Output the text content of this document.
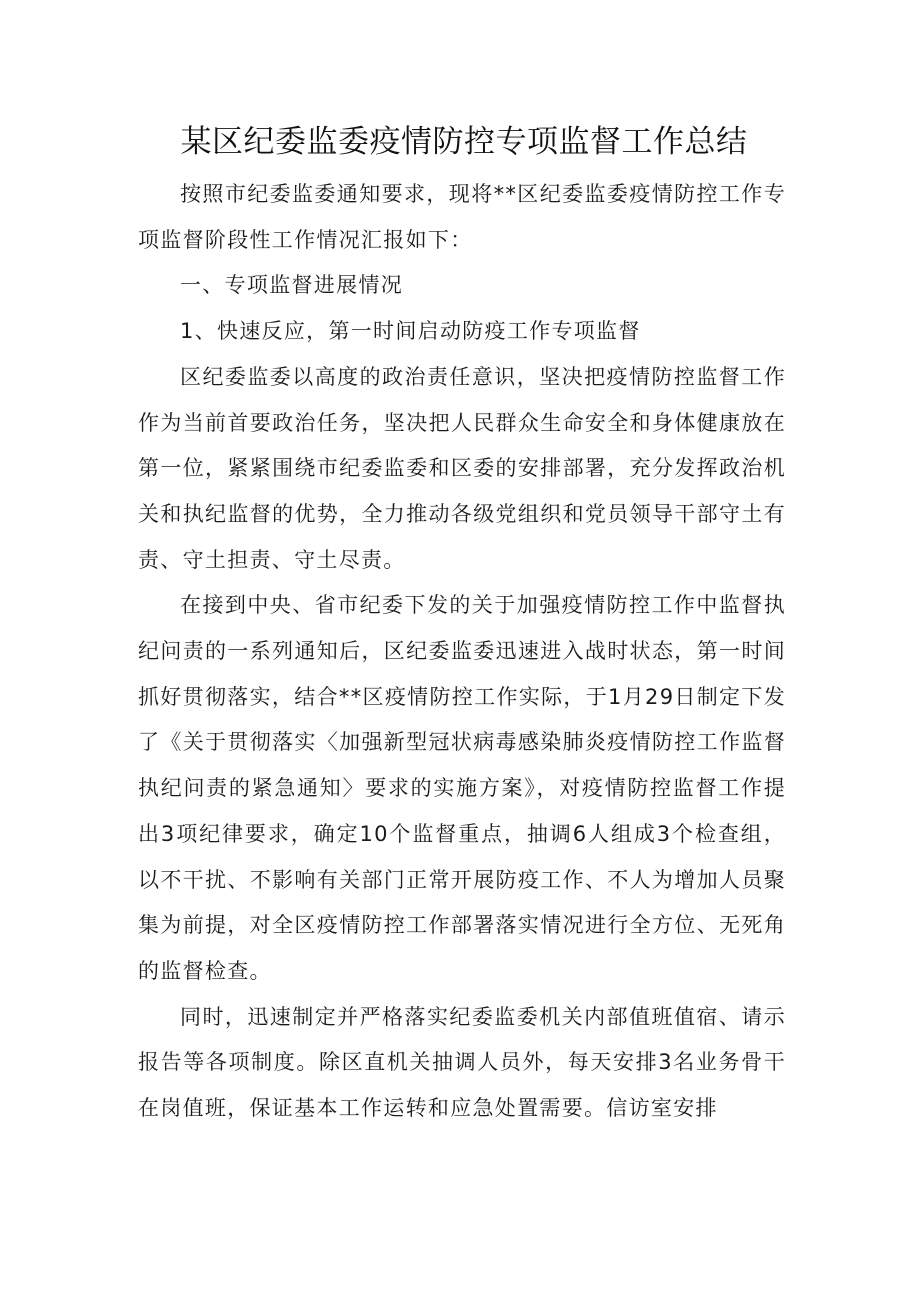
某区纪委监委疫情防控专项监督工作总结

按照市纪委监委通知要求，现将**区纪委监委疫情防控工作专项监督阶段性工作情况汇报如下：

一、专项监督进展情况

1、快速反应，第一时间启动防疫工作专项监督

区纪委监委以高度的政治责任意识，坚决把疫情防控监督工作作为当前首要政治任务，坚决把人民群众生命安全和身体健康放在第一位，紧紧围绕市纪委监委和区委的安排部署，充分发挥政治机关和执纪监督的优势，全力推动各级党组织和党员领导干部守土有责、守土担责、守土尽责。

在接到中央、省市纪委下发的关于加强疫情防控工作中监督执纪问责的一系列通知后，区纪委监委迅速进入战时状态，第一时间抓好贯彻落实，结合**区疫情防控工作实际，于1月29日制定下发了《关于贯彻落实〈加强新型冠状病毒感染肺炎疫情防控工作监督执纪问责的紧急通知〉要求的实施方案》，对疫情防控监督工作提出3项纪律要求，确定10个监督重点，抽调6人组成3个检查组，以不干扰、不影响有关部门正常开展防疫工作、不人为增加人员聚集为前提，对全区疫情防控工作部署落实情况进行全方位、无死角的监督检查。

同时，迅速制定并严格落实纪委监委机关内部值班值宿、请示报告等各项制度。除区直机关抽调人员外，每天安排3名业务骨干在岗值班，保证基本工作运转和应急处置需要。信访室安排
